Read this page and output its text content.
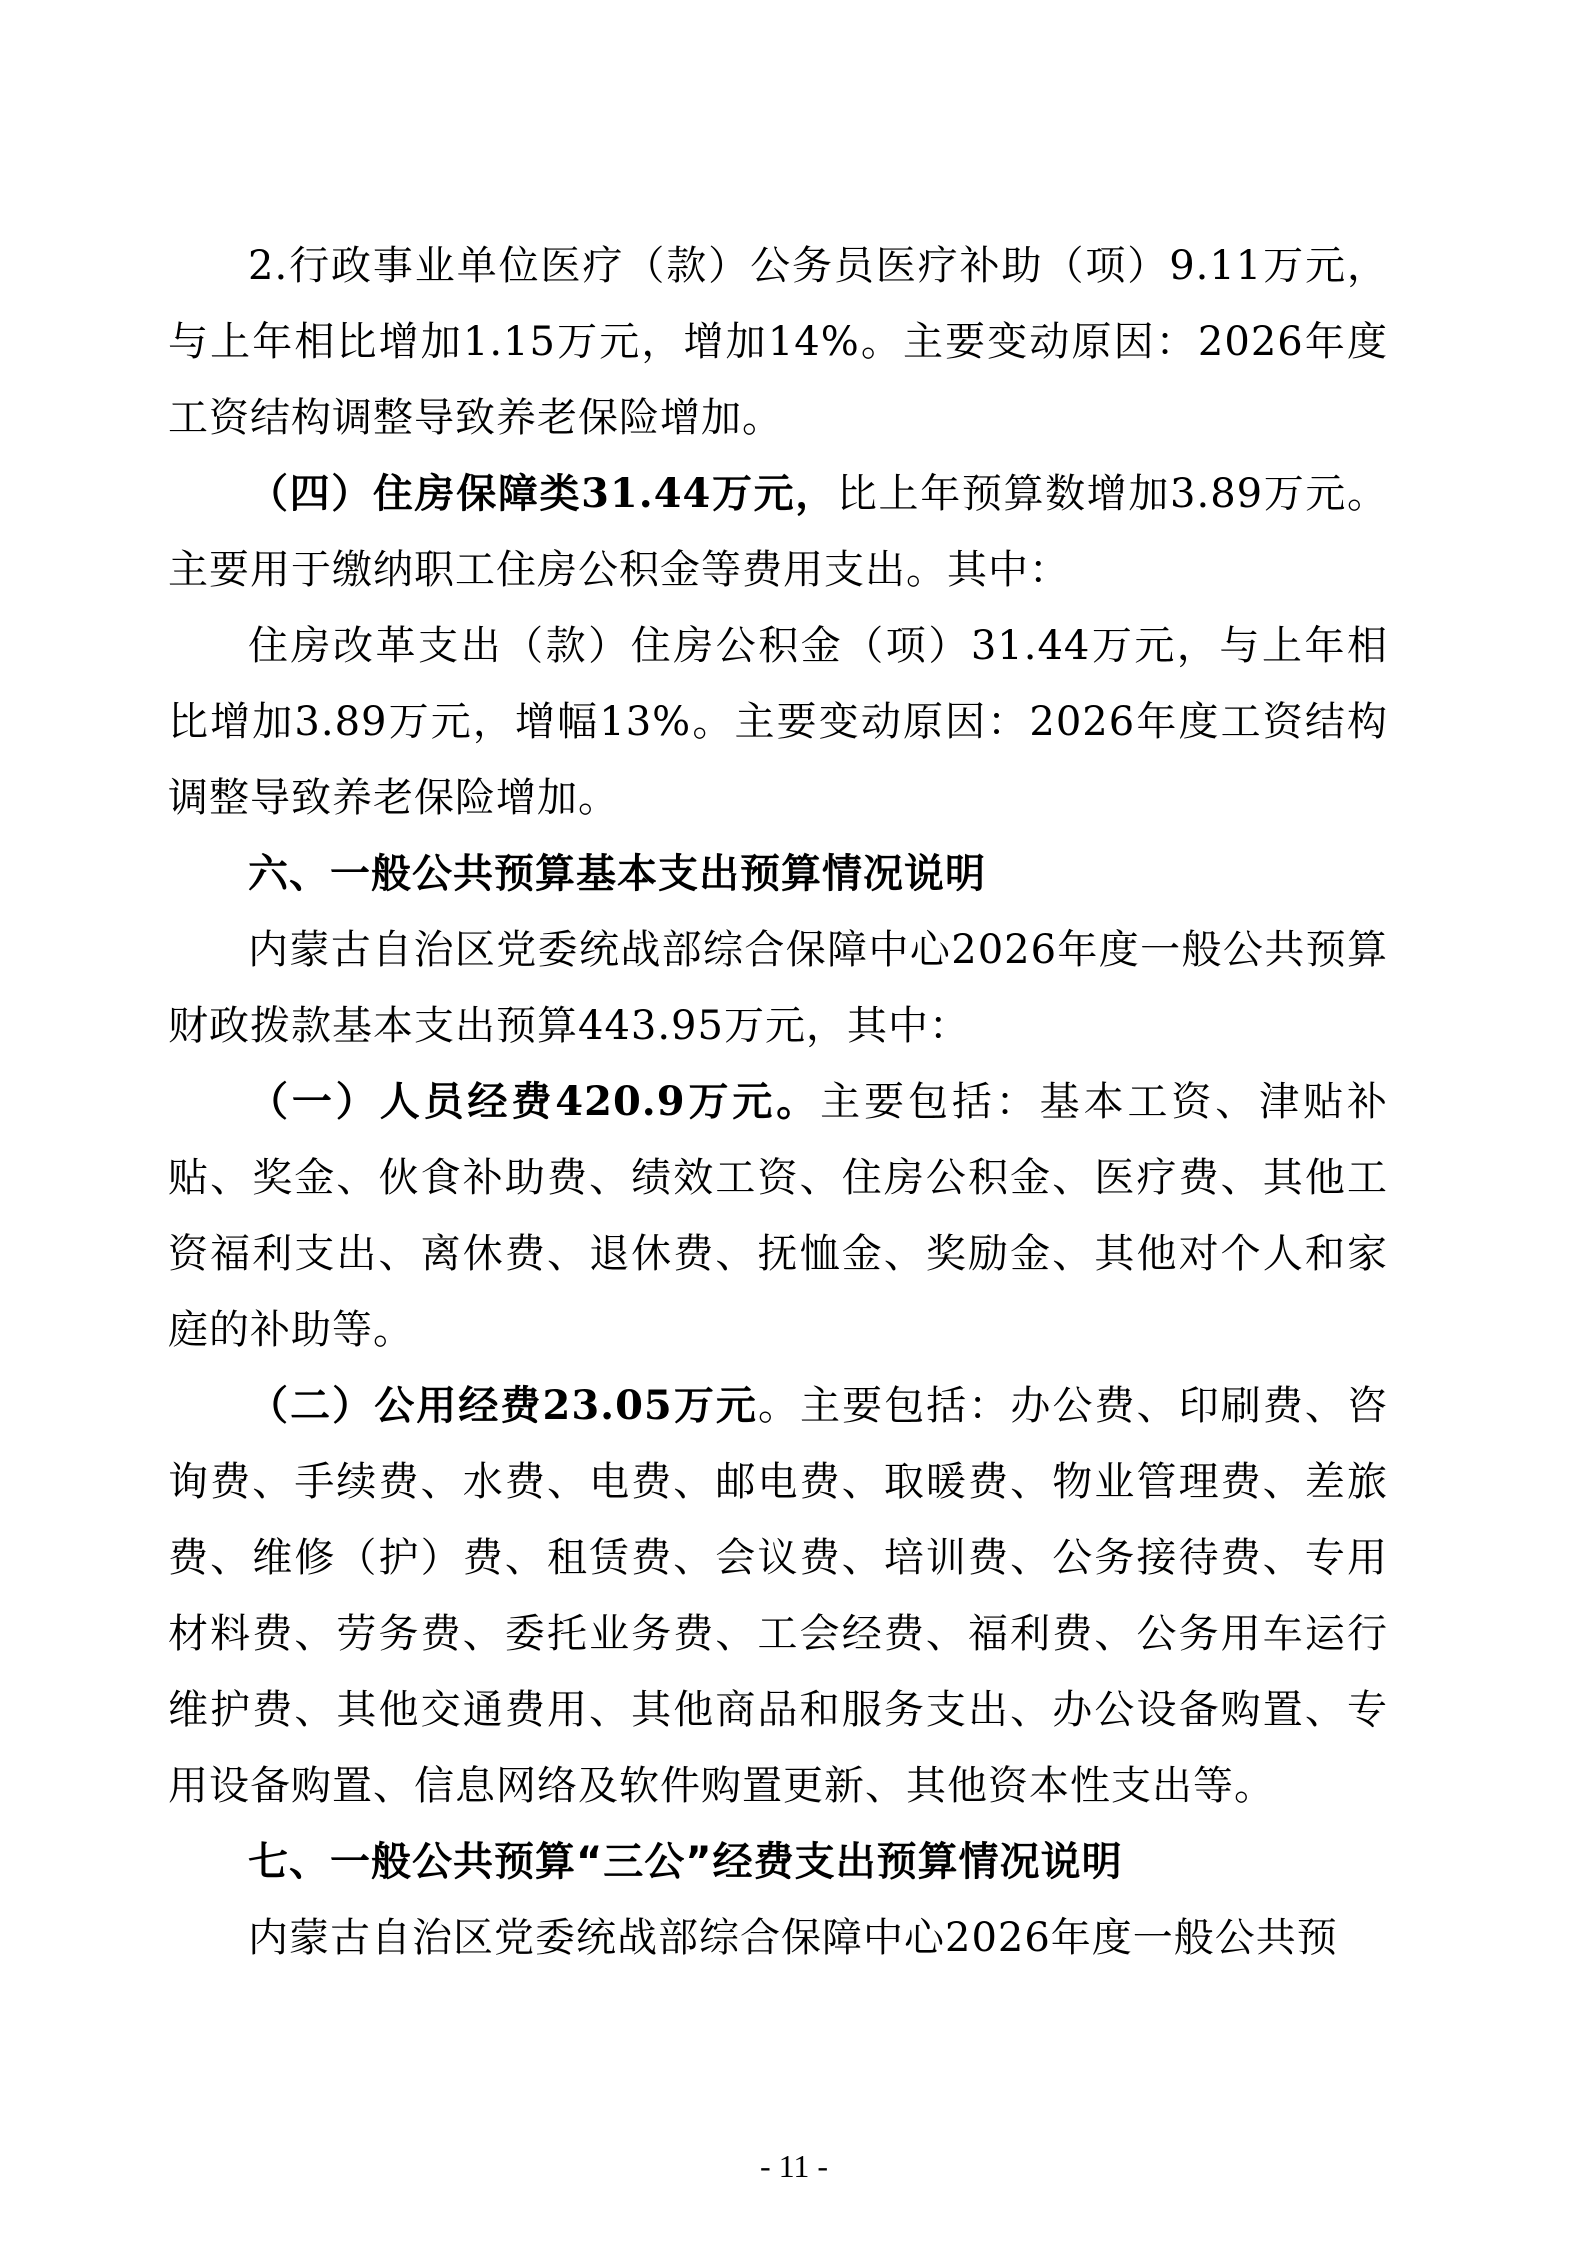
2.行政事业单位医疗（款）公务员医疗补助（项）9.11万元，与上年相比增加1.15万元，增加14%。主要变动原因：2026年度工资结构调整导致养老保险增加。

（四）住房保障类31.44万元，比上年预算数增加3.89万元。主要用于缴纳职工住房公积金等费用支出。其中：

住房改革支出（款）住房公积金（项）31.44万元，与上年相比增加3.89万元，增幅13%。主要变动原因：2026年度工资结构调整导致养老保险增加。

六、一般公共预算基本支出预算情况说明

内蒙古自治区党委统战部综合保障中心2026年度一般公共预算财政拨款基本支出预算443.95万元，其中：

（一）人员经费420.9万元。主要包括：基本工资、津贴补贴、奖金、伙食补助费、绩效工资、住房公积金、医疗费、其他工资福利支出、离休费、退休费、抚恤金、奖励金、其他对个人和家庭的补助等。

（二）公用经费23.05万元。主要包括：办公费、印刷费、咨询费、手续费、水费、电费、邮电费、取暖费、物业管理费、差旅费、维修（护）费、租赁费、会议费、培训费、公务接待费、专用材料费、劳务费、委托业务费、工会经费、福利费、公务用车运行维护费、其他交通费用、其他商品和服务支出、办公设备购置、专用设备购置、信息网络及软件购置更新、其他资本性支出等。

七、一般公共预算“三公”经费支出预算情况说明

内蒙古自治区党委统战部综合保障中心2026年度一般公共预

- 11 -
